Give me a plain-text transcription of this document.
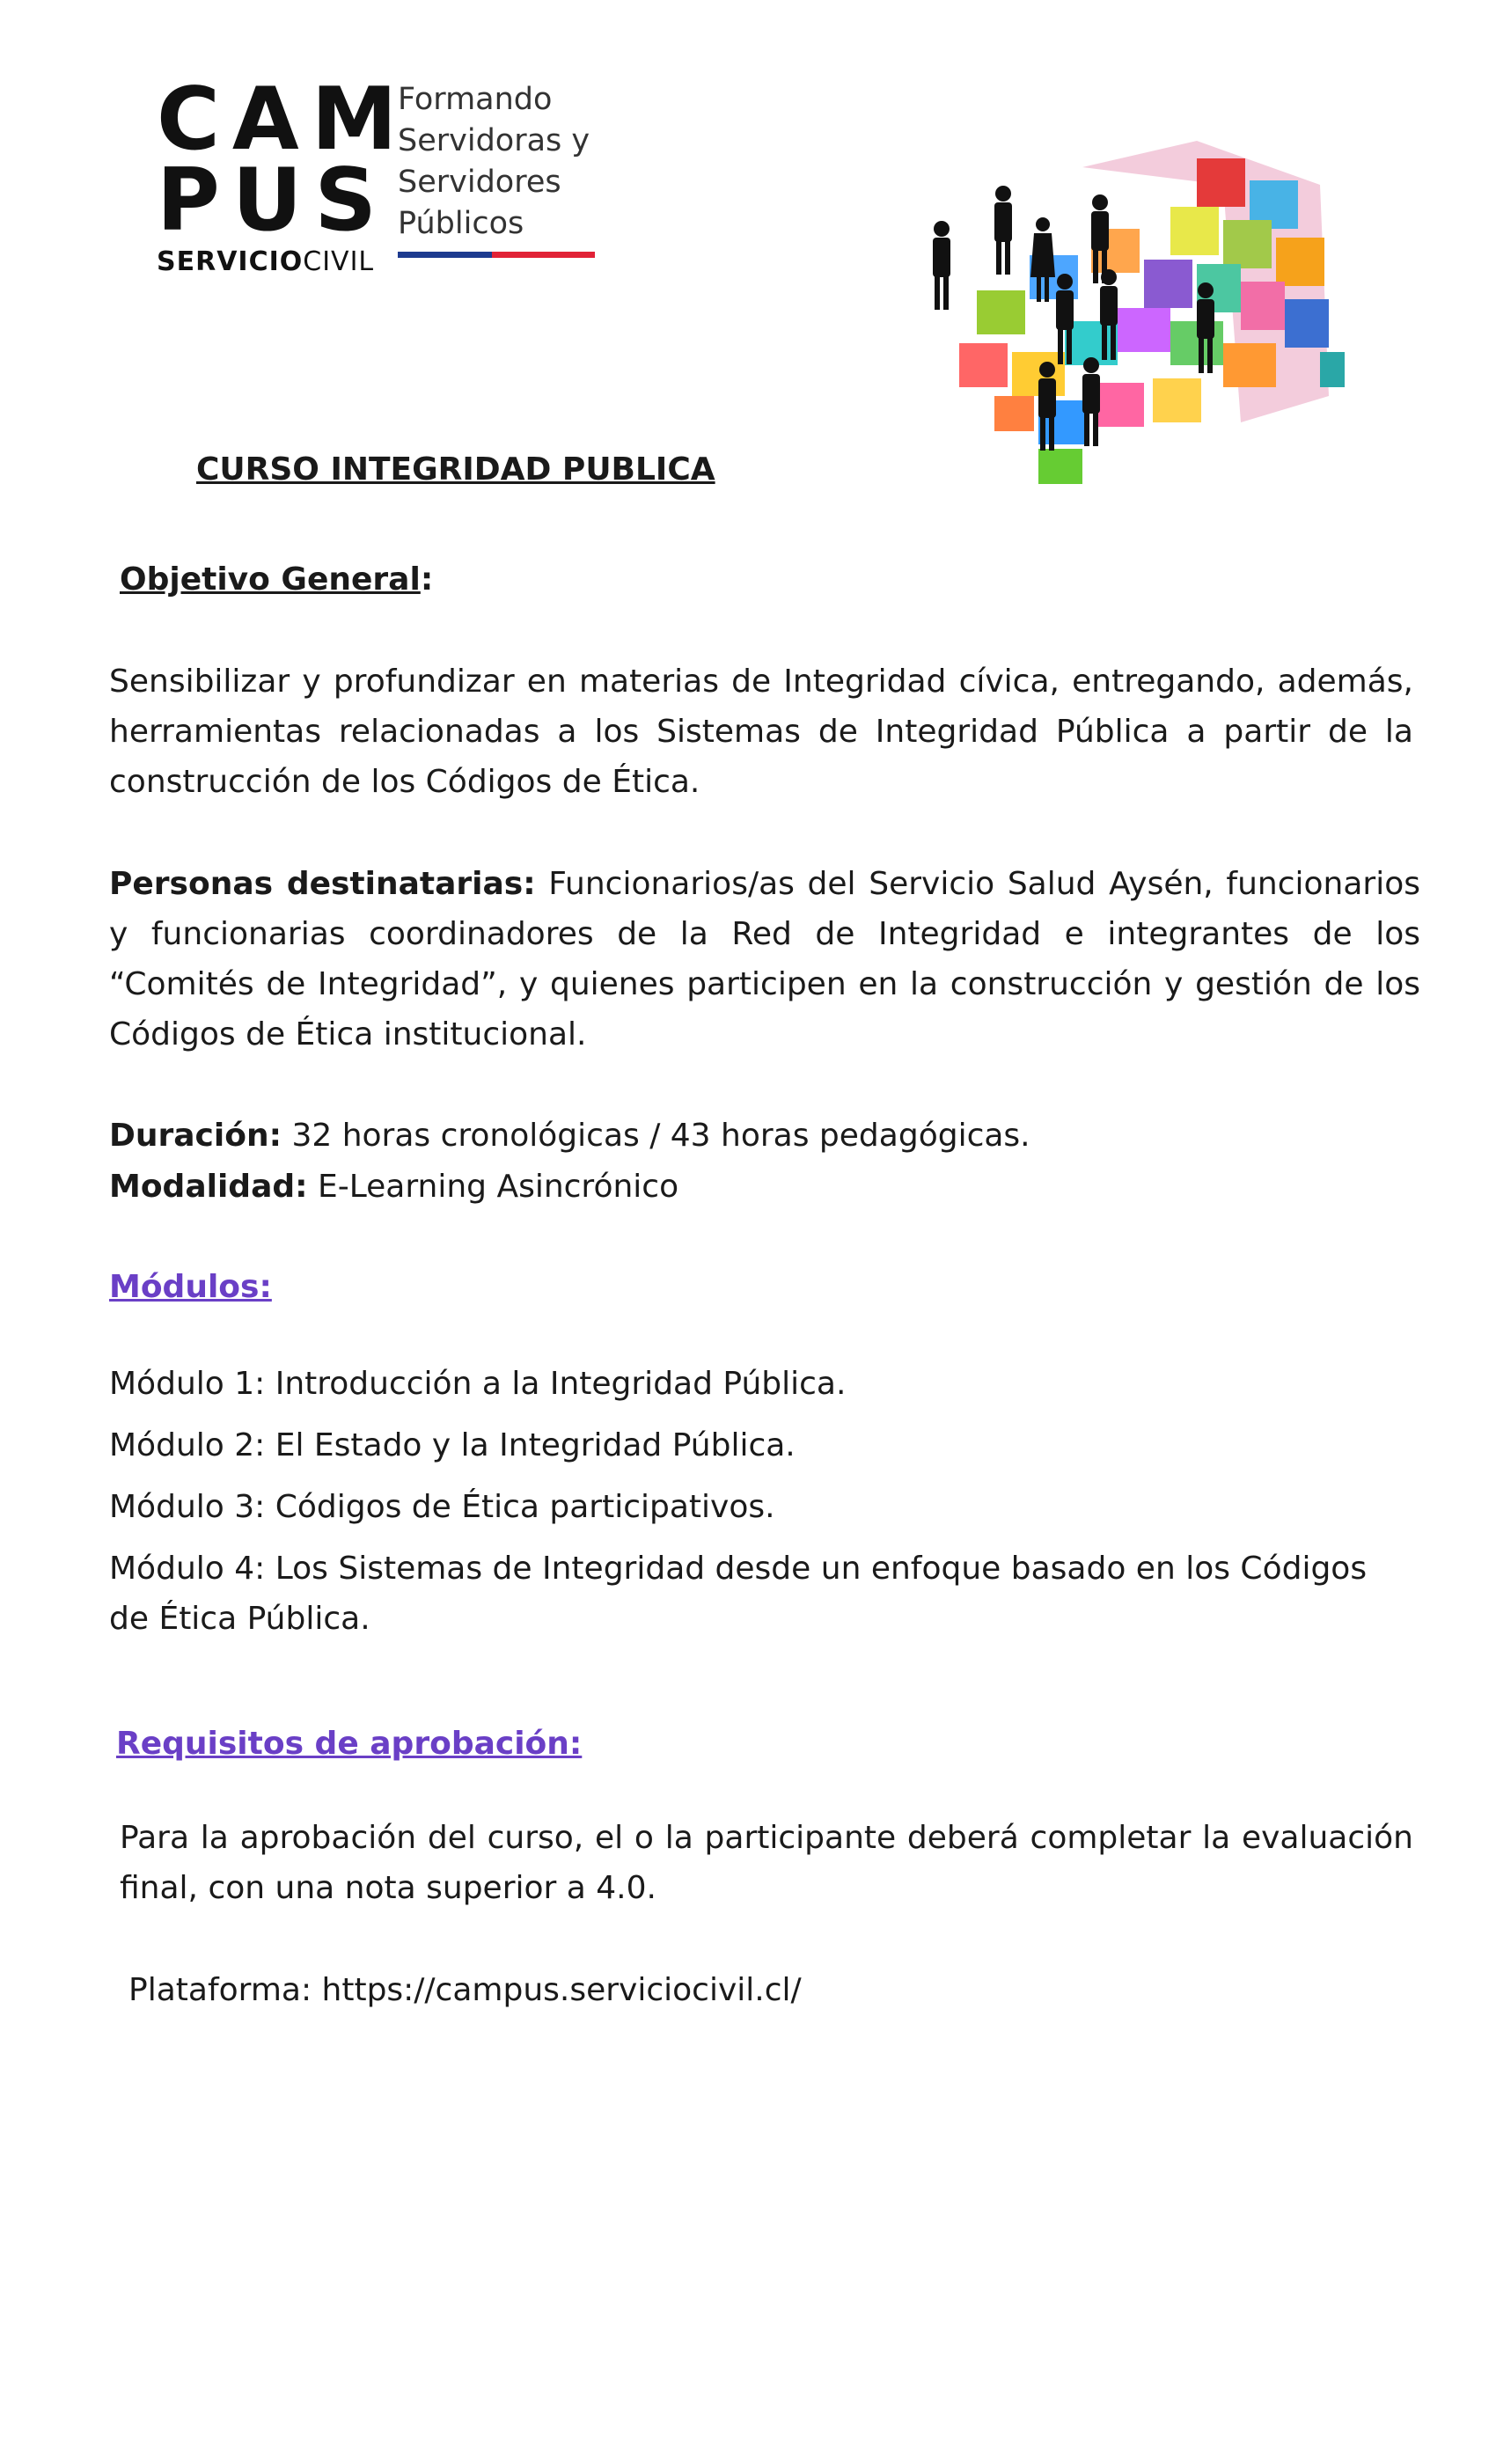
CAM
PUS
SERVICIOCIVIL
Formando
Servidoras y
Servidores
Públicos
CURSO INTEGRIDAD PUBLICA
Objetivo General:
Sensibilizar y profundizar en materias de Integridad cívica, entregando, además, herramientas relacionadas a los Sistemas de Integridad Pública a partir de la construcción de los Códigos de Ética.
Personas destinatarias: Funcionarios/as del Servicio Salud Aysén, funcionarios y funcionarias coordinadores de la Red de Integridad e integrantes de los “Comités de Integridad”, y quienes participen en la construcción y gestión de los Códigos de Ética institucional.
Duración: 32 horas cronológicas / 43 horas pedagógicas.
Modalidad: E-Learning Asincrónico
Módulos:
Módulo 1: Introducción a la Integridad Pública.
Módulo 2: El Estado y la Integridad Pública.
Módulo 3: Códigos de Ética participativos.
Módulo 4: Los Sistemas de Integridad desde un enfoque basado en los Códigos de Ética Pública.
Requisitos de aprobación:
Para la aprobación del curso, el o la participante deberá completar la evaluación final, con una nota superior a 4.0.
Plataforma: https://campus.serviciocivil.cl/
